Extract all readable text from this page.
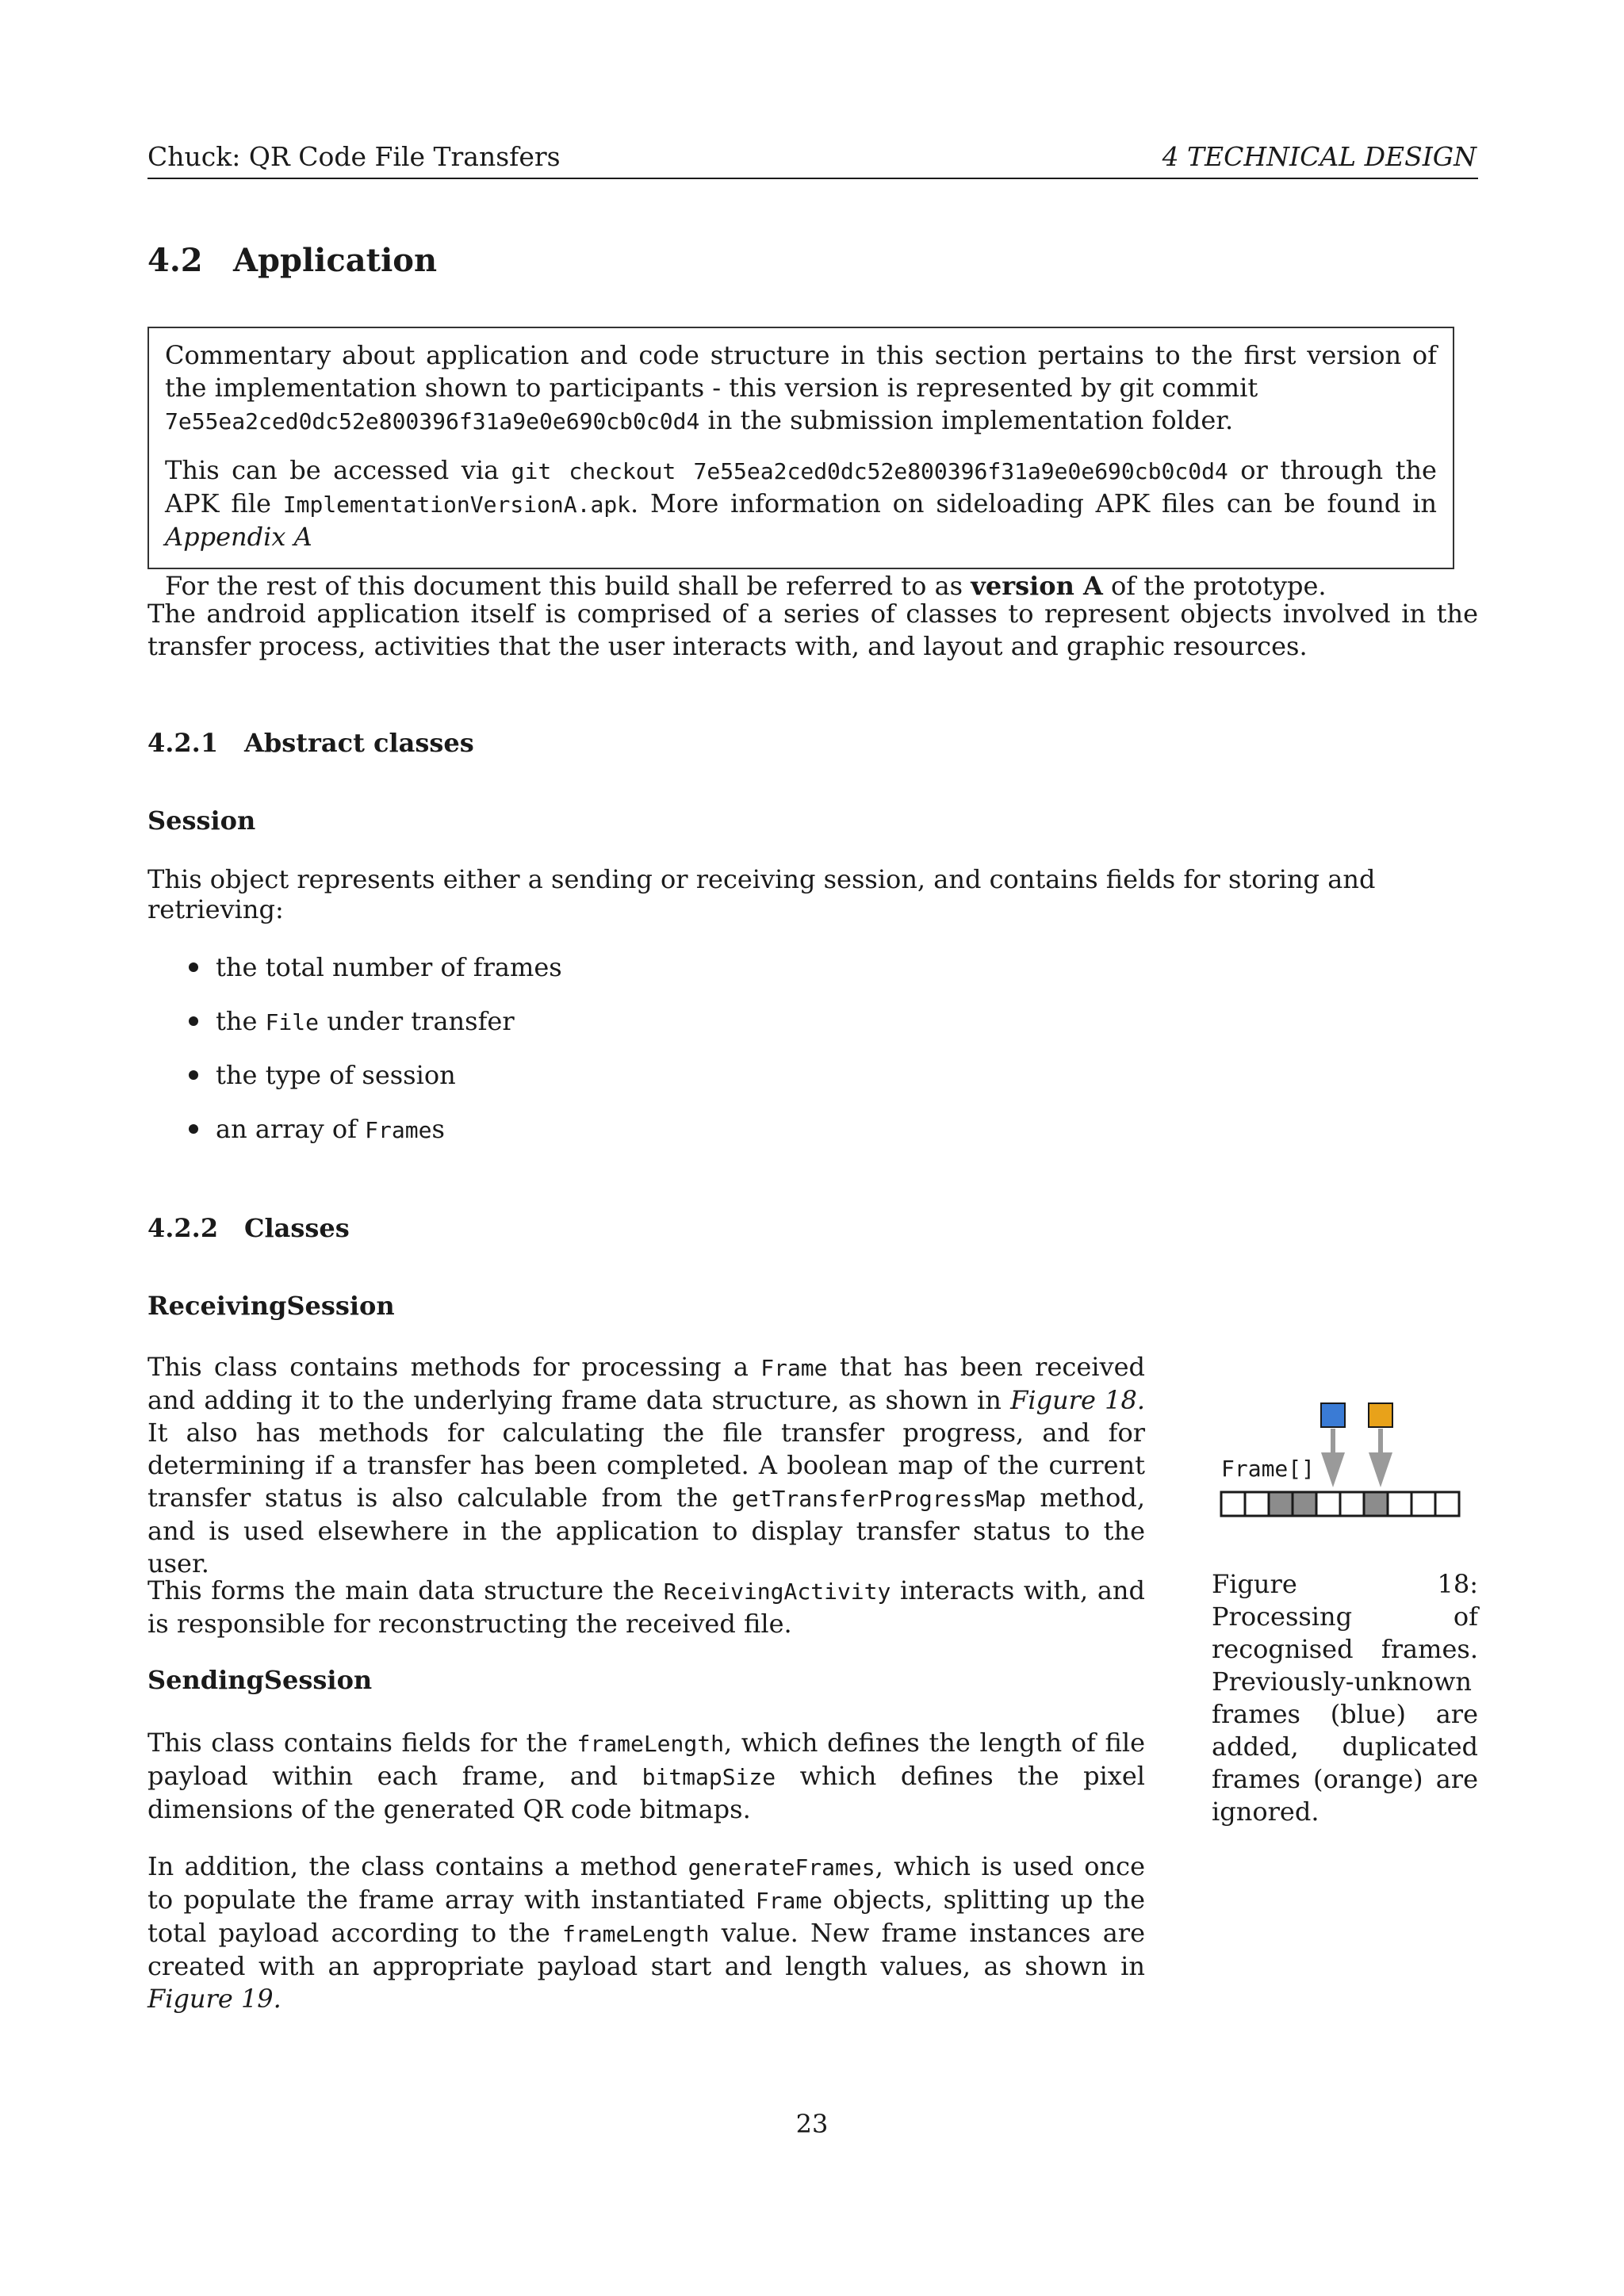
Chuck: QR Code File Transfers	4 TECHNICAL DESIGN
4.2 Application

Commentary about application and code structure in this section pertains to the first version of the implementation shown to participants - this version is represented by git commit
7e55ea2ced0dc52e800396f31a9e0e690cb0c0d4 in the submission implementation folder.

This can be accessed via git checkout 7e55ea2ced0dc52e800396f31a9e0e690cb0c0d4 or through the APK file ImplementationVersionA.apk. More information on sideloading APK files can be found in Appendix A

For the rest of this document this build shall be referred to as version A of the prototype.

The android application itself is comprised of a series of classes to represent objects involved in the transfer process, activities that the user interacts with, and layout and graphic resources.

4.2.1 Abstract classes
Session
This object represents either a sending or receiving session, and contains fields for storing and retrieving:
the total number of frames
the File under transfer
the type of session
an array of Frames
4.2.2 Classes
ReceivingSession

This class contains methods for processing a Frame that has been received and adding it to the underlying frame data structure, as shown in Figure 18. It also has methods for calculating the file transfer progress, and for determining if a transfer has been completed. A boolean map of the current transfer status is also calculable from the getTransferProgressMap method, and is used elsewhere in the application to display transfer status to the user.

This forms the main data structure the ReceivingActivity interacts with, and is responsible for reconstructing the received file.

SendingSession

This class contains fields for the frameLength, which defines the length of file payload within each frame, and bitmapSize which defines the pixel dimensions of the generated QR code bitmaps.

In addition, the class contains a method generateFrames, which is used once to populate the frame array with instantiated Frame objects, splitting up the total payload according to the frameLength value. New frame instances are created with an appropriate payload start and length values, as shown in Figure 19.

Frame[]
Figure 18: Processing of recognised frames. Previously-unknown frames (blue) are added, duplicated frames (orange) are ignored.
23
